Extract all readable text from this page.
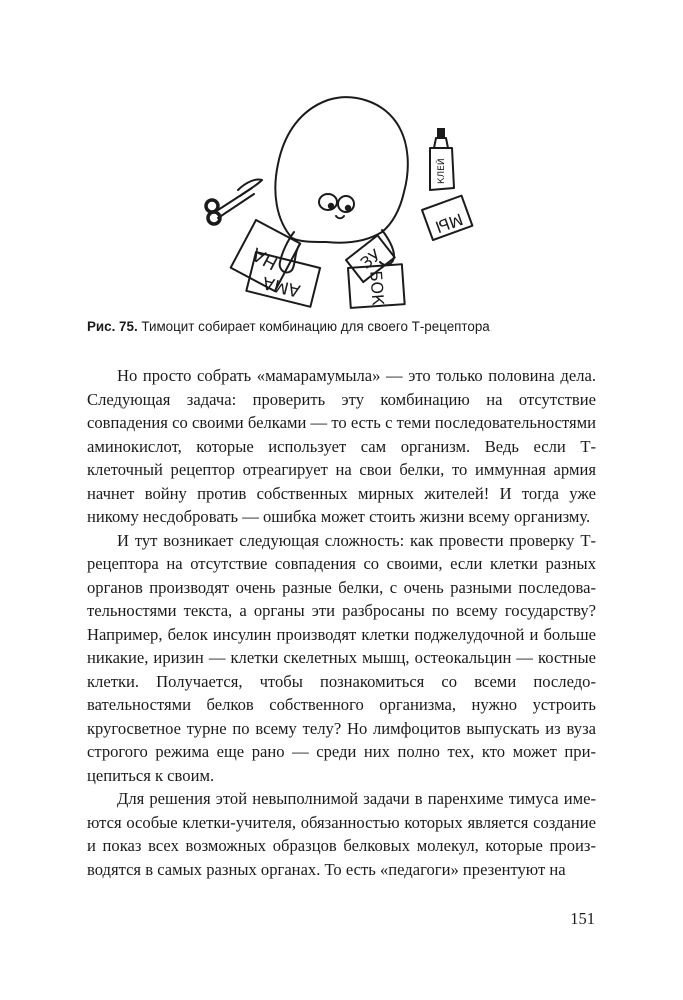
КЛЕЙ
НА
АМА
ЗУ
БОК
МЫ
Рис. 75. Тимоцит собирает комбинацию для своего Т-рецептора

Но просто собрать «мамарамумыла» — это только половина дела. Следующая задача: проверить эту комбинацию на отсутствие совпадения со своими белками — то есть с теми последовательностями аминокислот, которые использует сам организм. Ведь если Т-клеточный рецептор отреагирует на свои белки, то иммунная армия начнет войну против собственных мирных жителей! И тогда уже никому несдобровать — ошибка может стоить жизни всему организму.

И тут возникает следующая сложность: как провести проверку Т-рецептора на отсутствие совпадения со своими, если клетки разных органов производят очень разные белки, с очень разными последовательностями текста, а органы эти разбросаны по всему государству? Например, белок инсулин производят клетки поджелудочной и больше никакие, иризин — клетки скелетных мышц, остеокальцин — костные клетки. Получается, чтобы познакомиться со всеми последовательностями белков собственного организма, нужно устроить кругосветное турне по всему телу? Но лимфоцитов выпускать из вуза строгого режима еще рано — среди них полно тех, кто может прицепиться к своим.

Для решения этой невыполнимой задачи в паренхиме тимуса имеются особые клетки-учителя, обязанностью которых является создание и показ всех возможных образцов белковых молекул, которые производятся в самых разных органах. То есть «педагоги» презентуют на

151
